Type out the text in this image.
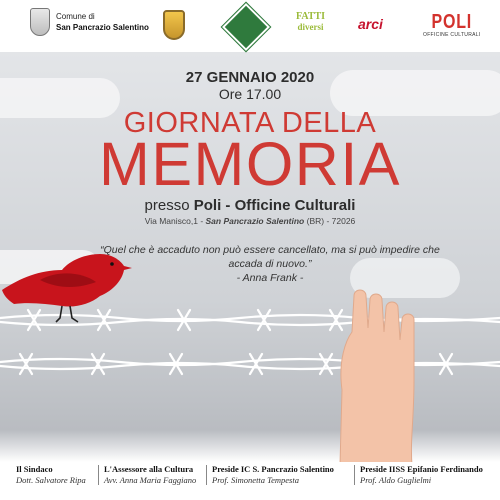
Comune di
San Pancrazio Salentino
FATTI
diversi arci POLI
OFFICINE CULTURALI
27 GENNAIO 2020
Ore 17.00
GIORNATA DELLA
MEMORIA
presso Poli - Officine Culturali
Via Manisco,1 - San Pancrazio Salentino (BR) - 72026
“Quel che è accaduto non può essere cancellato, ma si può impedire che accada di nuovo.”
- Anna Frank -
Il Sindaco
Dott. Salvatore Ripa
L'Assessore alla Cultura
Avv. Anna Maria Faggiano
Preside IC S. Pancrazio Salentino
Prof. Simonetta Tempesta
Preside IISS Epifanio Ferdinando
Prof. Aldo Guglielmi
